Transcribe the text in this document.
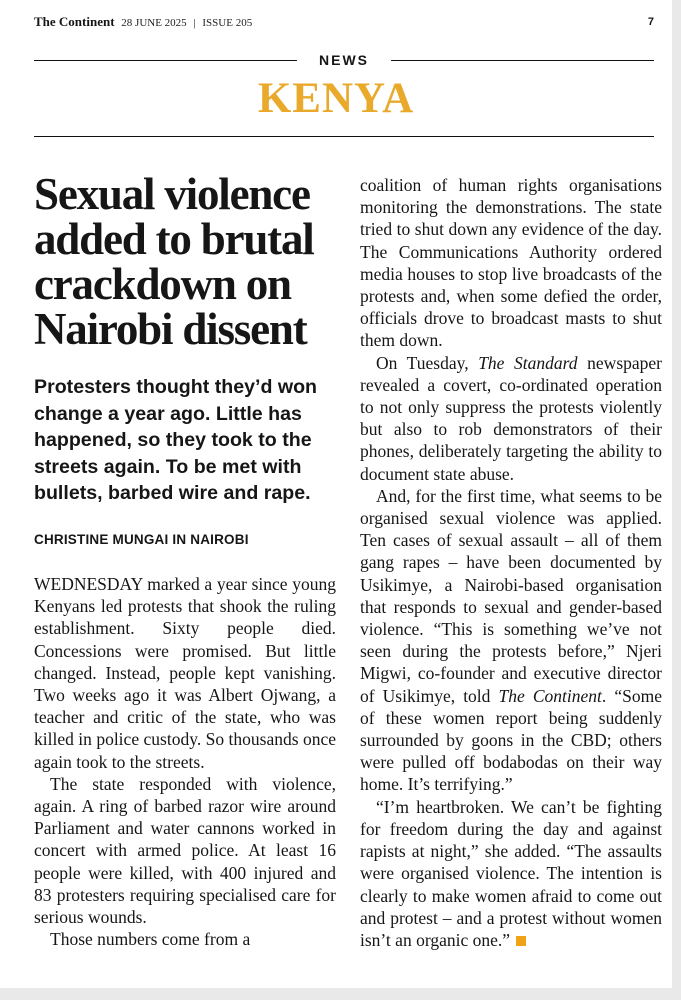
The Continent 28 JUNE 2025 | ISSUE 205	7
NEWS
KENYA
Sexual violence added to brutal crackdown on Nairobi dissent

Protesters thought they’d won change a year ago. Little has happened, so they took to the streets again. To be met with bullets, barbed wire and rape.

CHRISTINE MUNGAI IN NAIROBI

WEDNESDAY marked a year since young Kenyans led protests that shook the ruling establishment. Sixty people died. Concessions were promised. But little changed. Instead, people kept vanishing. Two weeks ago it was Albert Ojwang, a teacher and critic of the state, who was killed in police custody. So thousands once again took to the streets.

The state responded with violence, again. A ring of barbed razor wire around Parliament and water cannons worked in concert with armed police. At least 16 people were killed, with 400 injured and 83 protesters requiring specialised care for serious wounds.

Those numbers come from a

coalition of human rights organisations monitoring the demonstrations. The state tried to shut down any evidence of the day. The Communications Authority ordered media houses to stop live broadcasts of the protests and, when some defied the order, officials drove to broadcast masts to shut them down.

On Tuesday, The Standard newspaper revealed a covert, co-ordinated operation to not only suppress the protests violently but also to rob demonstrators of their phones, deliberately targeting the ability to document state abuse.

And, for the first time, what seems to be organised sexual violence was applied. Ten cases of sexual assault – all of them gang rapes – have been documented by Usikimye, a Nairobi-based organisation that responds to sexual and gender-based violence. “This is something we’ve not seen during the protests before,” Njeri Migwi, co-founder and executive director of Usikimye, told The Continent. “Some of these women report being suddenly surrounded by goons in the CBD; others were pulled off bodabodas on their way home. It’s terrifying.”

“I’m heartbroken. We can’t be fighting for freedom during the day and against rapists at night,” she added. “The assaults were organised violence. The intention is clearly to make women afraid to come out and protest – and a protest without women isn’t an organic one.”
